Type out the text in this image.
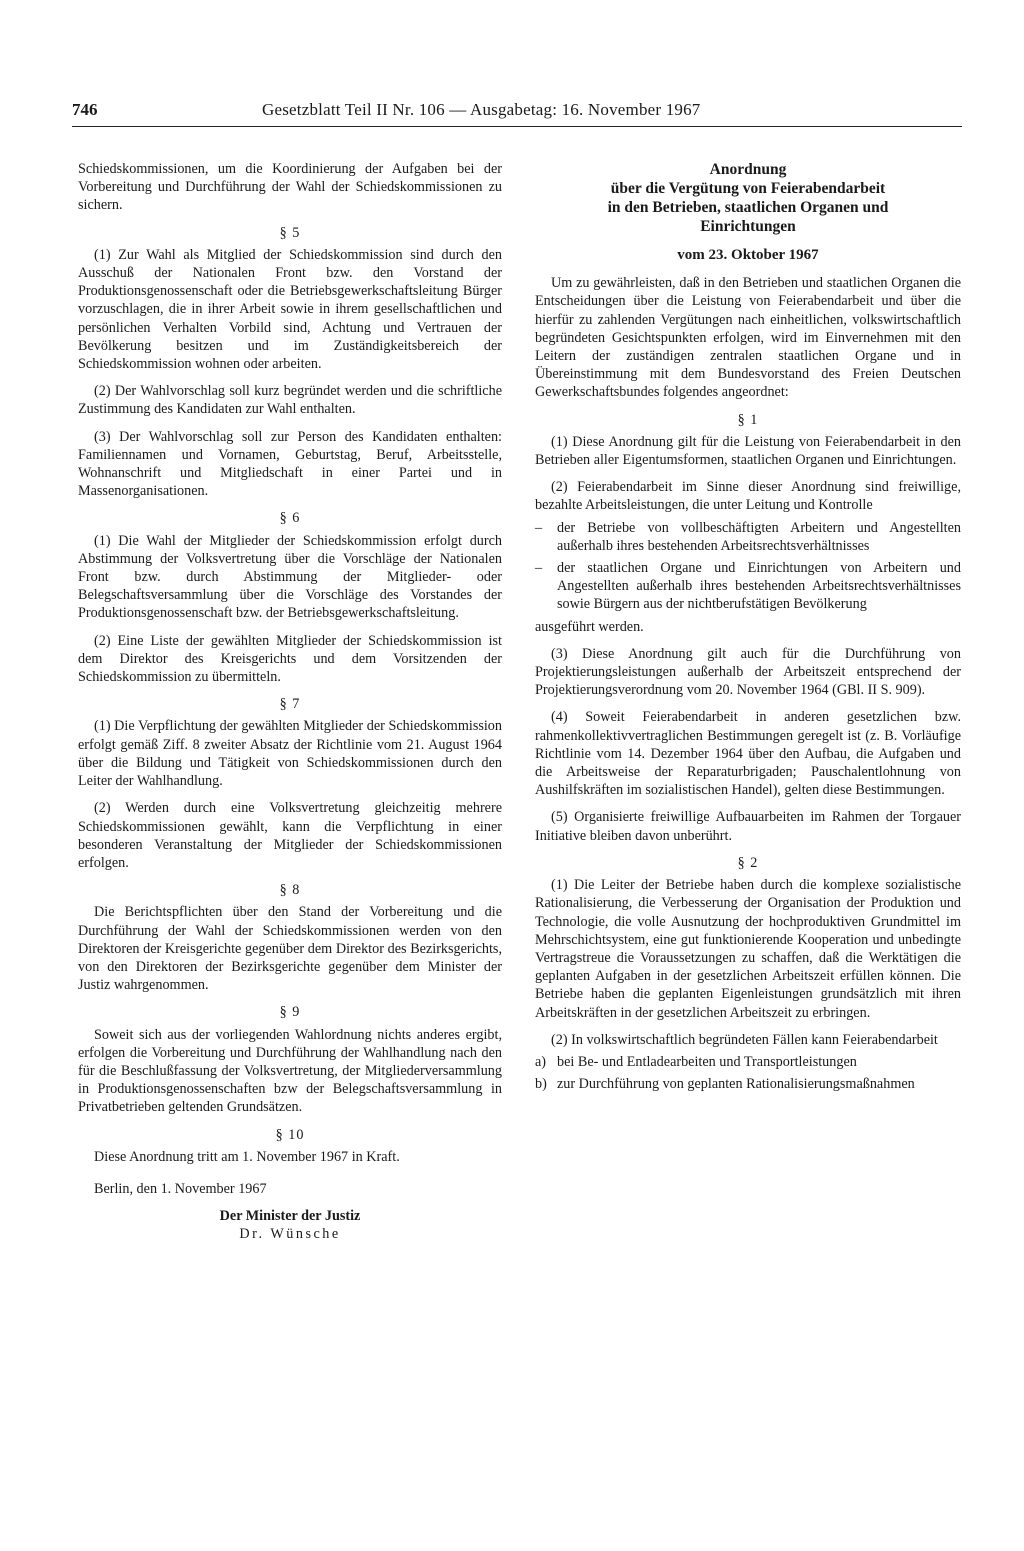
746	Gesetzblatt Teil II Nr. 106 — Ausgabetag: 16. November 1967

Schiedskommissionen, um die Koordinierung der Aufgaben bei der Vorbereitung und Durchführung der Wahl der Schiedskommissionen zu sichern.

§ 5

(1) Zur Wahl als Mitglied der Schiedskommission sind durch den Ausschuß der Nationalen Front bzw. den Vorstand der Produktionsgenossenschaft oder die Betriebsgewerkschaftsleitung Bürger vorzuschlagen, die in ihrer Arbeit sowie in ihrem gesellschaftlichen und persönlichen Verhalten Vorbild sind, Achtung und Vertrauen der Bevölkerung besitzen und im Zuständigkeitsbereich der Schiedskommission wohnen oder arbeiten.

(2) Der Wahlvorschlag soll kurz begründet werden und die schriftliche Zustimmung des Kandidaten zur Wahl enthalten.

(3) Der Wahlvorschlag soll zur Person des Kandidaten enthalten: Familiennamen und Vornamen, Geburtstag, Beruf, Arbeitsstelle, Wohnanschrift und Mitgliedschaft in einer Partei und in Massenorganisationen.

§ 6

(1) Die Wahl der Mitglieder der Schiedskommission erfolgt durch Abstimmung der Volksvertretung über die Vorschläge der Nationalen Front bzw. durch Abstimmung der Mitglieder- oder Belegschaftsversammlung über die Vorschläge des Vorstandes der Produktionsgenossenschaft bzw. der Betriebsgewerkschaftsleitung.

(2) Eine Liste der gewählten Mitglieder der Schiedskommission ist dem Direktor des Kreisgerichts und dem Vorsitzenden der Schiedskommission zu übermitteln.

§ 7

(1) Die Verpflichtung der gewählten Mitglieder der Schiedskommission erfolgt gemäß Ziff. 8 zweiter Absatz der Richtlinie vom 21. August 1964 über die Bildung und Tätigkeit von Schiedskommissionen durch den Leiter der Wahlhandlung.

(2) Werden durch eine Volksvertretung gleichzeitig mehrere Schiedskommissionen gewählt, kann die Verpflichtung in einer besonderen Veranstaltung der Mitglieder der Schiedskommissionen erfolgen.

§ 8

Die Berichtspflichten über den Stand der Vorbereitung und die Durchführung der Wahl der Schiedskommissionen werden von den Direktoren der Kreisgerichte gegenüber dem Direktor des Bezirksgerichts, von den Direktoren der Bezirksgerichte gegenüber dem Minister der Justiz wahrgenommen.

§ 9

Soweit sich aus der vorliegenden Wahlordnung nichts anderes ergibt, erfolgen die Vorbereitung und Durchführung der Wahlhandlung nach den für die Beschlußfassung der Volksvertretung, der Mitgliederversammlung in Produktionsgenossenschaften bzw der Belegschaftsversammlung in Privatbetrieben geltenden Grundsätzen.

§ 10

Diese Anordnung tritt am 1. November 1967 in Kraft.

Berlin, den 1. November 1967

Der Minister der Justiz
Dr. Wünsche
Anordnung
über die Vergütung von Feierabendarbeit
in den Betrieben, staatlichen Organen und
Einrichtungen
vom 23. Oktober 1967

Um zu gewährleisten, daß in den Betrieben und staatlichen Organen die Entscheidungen über die Leistung von Feierabendarbeit und über die hierfür zu zahlenden Vergütungen nach einheitlichen, volkswirtschaftlich begründeten Gesichtspunkten erfolgen, wird im Einvernehmen mit den Leitern der zuständigen zentralen staatlichen Organe und in Übereinstimmung mit dem Bundesvorstand des Freien Deutschen Gewerkschaftsbundes folgendes angeordnet:

§ 1

(1) Diese Anordnung gilt für die Leistung von Feierabendarbeit in den Betrieben aller Eigentumsformen, staatlichen Organen und Einrichtungen.

(2) Feierabendarbeit im Sinne dieser Anordnung sind freiwillige, bezahlte Arbeitsleistungen, die unter Leitung und Kontrolle

–	der Betriebe von vollbeschäftigten Arbeitern und Angestellten außerhalb ihres bestehenden Arbeitsrechtsverhältnisses
–	der staatlichen Organe und Einrichtungen von Arbeitern und Angestellten außerhalb ihres bestehenden Arbeitsrechtsverhältnisses sowie Bürgern aus der nichtberufstätigen Bevölkerung

ausgeführt werden.

(3) Diese Anordnung gilt auch für die Durchführung von Projektierungsleistungen außerhalb der Arbeitszeit entsprechend der Projektierungsverordnung vom 20. November 1964 (GBl. II S. 909).

(4) Soweit Feierabendarbeit in anderen gesetzlichen bzw. rahmenkollektivvertraglichen Bestimmungen geregelt ist (z. B. Vorläufige Richtlinie vom 14. Dezember 1964 über den Aufbau, die Aufgaben und die Arbeitsweise der Reparaturbrigaden; Pauschalentlohnung von Aushilfskräften im sozialistischen Handel), gelten diese Bestimmungen.

(5) Organisierte freiwillige Aufbauarbeiten im Rahmen der Torgauer Initiative bleiben davon unberührt.

§ 2

(1) Die Leiter der Betriebe haben durch die komplexe sozialistische Rationalisierung, die Verbesserung der Organisation der Produktion und Technologie, die volle Ausnutzung der hochproduktiven Grundmittel im Mehrschichtsystem, eine gut funktionierende Kooperation und unbedingte Vertragstreue die Voraussetzungen zu schaffen, daß die Werktätigen die geplanten Aufgaben in der gesetzlichen Arbeitszeit erfüllen können. Die Betriebe haben die geplanten Eigenleistungen grundsätzlich mit ihren Arbeitskräften in der gesetzlichen Arbeitszeit zu erbringen.

(2) In volkswirtschaftlich begründeten Fällen kann Feierabendarbeit

a) bei Be- und Entladearbeiten und Transportleistungen
b) zur Durchführung von geplanten Rationalisierungsmaßnahmen
